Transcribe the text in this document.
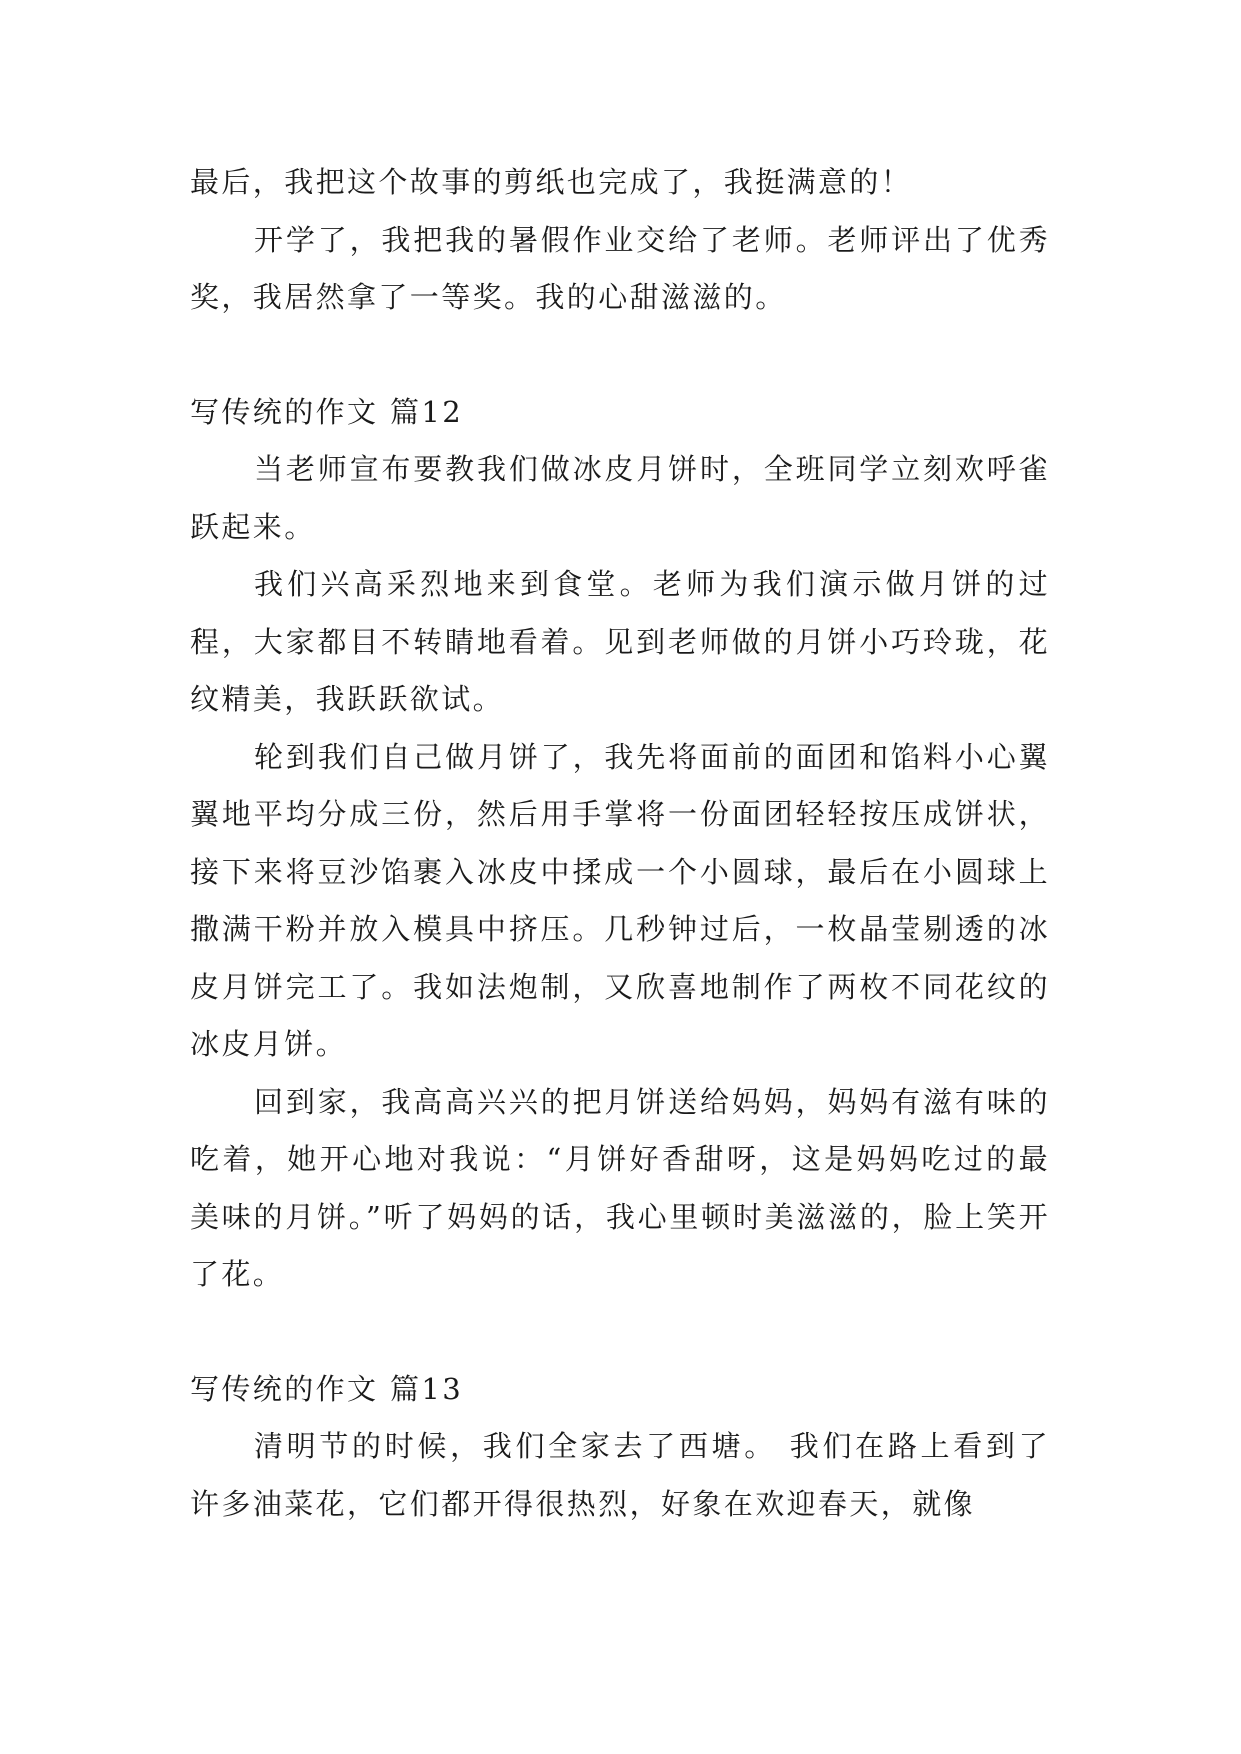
最后，我把这个故事的剪纸也完成了，我挺满意的！

开学了，我把我的暑假作业交给了老师。老师评出了优秀奖，我居然拿了一等奖。我的心甜滋滋的。

写传统的作文 篇12

当老师宣布要教我们做冰皮月饼时，全班同学立刻欢呼雀跃起来。

我们兴高采烈地来到食堂。老师为我们演示做月饼的过程，大家都目不转睛地看着。见到老师做的月饼小巧玲珑，花纹精美，我跃跃欲试。

轮到我们自己做月饼了，我先将面前的面团和馅料小心翼翼地平均分成三份，然后用手掌将一份面团轻轻按压成饼状，接下来将豆沙馅裹入冰皮中揉成一个小圆球，最后在小圆球上撒满干粉并放入模具中挤压。几秒钟过后，一枚晶莹剔透的冰皮月饼完工了。我如法炮制，又欣喜地制作了两枚不同花纹的冰皮月饼。

回到家，我高高兴兴的把月饼送给妈妈，妈妈有滋有味的吃着，她开心地对我说：“月饼好香甜呀，这是妈妈吃过的最美味的月饼。”听了妈妈的话，我心里顿时美滋滋的，脸上笑开了花。

写传统的作文 篇13

清明节的时候，我们全家去了西塘。 我们在路上看到了许多油菜花，它们都开得很热烈，好象在欢迎春天，就像
